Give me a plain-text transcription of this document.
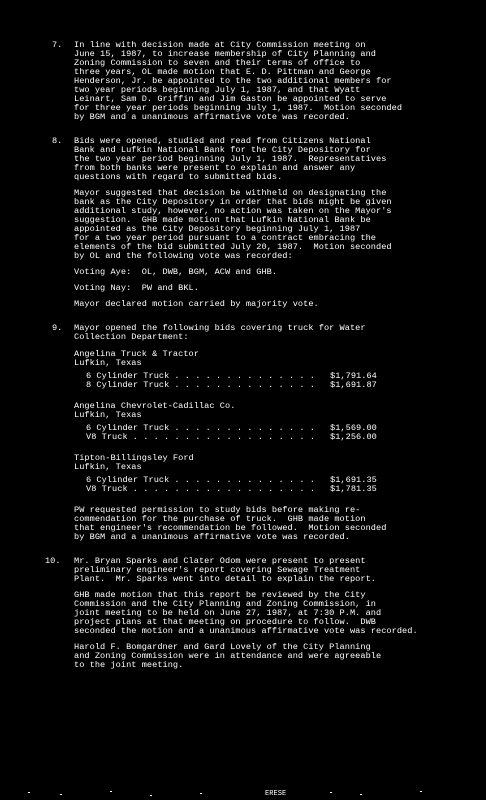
7. In line with decision made at City Commission meeting on
June 15, 1987, to increase membership of City Planning and
Zoning Commission to seven and their terms of office to
three years, OL made motion that E. D. Pittman and George
Henderson, Jr. be appointed to the two additional members for
two year periods beginning July 1, 1987, and that Wyatt
Leinart, Sam D. Griffin and Jim Gaston be appointed to serve
for three year periods beginning July 1, 1987.  Motion seconded
by BGM and a unanimous affirmative vote was recorded.
8. Bids were opened, studied and read from Citizens National
Bank and Lufkin National Bank for the City Depository for
the two year period beginning July 1, 1987.  Representatives
from both banks were present to explain and answer any
questions with regard to submitted bids.
Mayor suggested that decision be withheld on designating the
bank as the City Depository in order that bids might be given
additional study, however, no action was taken on the Mayor's
suggestion.  GHB made motion that Lufkin National Bank be
appointed as the City Depository beginning July 1, 1987
for a two year period pursuant to a contract embracing the
elements of the bid submitted July 20, 1987.  Motion seconded
by OL and the following vote was recorded:
Voting Aye:  OL, DWB, BGM, ACW and GHB.
Voting Nay:  PW and BKL.
Mayor declared motion carried by majority vote.
9. Mayor opened the following bids covering truck for Water
Collection Department:
Angelina Truck & Tractor
Lufkin, Texas
6 Cylinder Truck . . . . . . . . . . . . . .	$1,791.64
8 Cylinder Truck . . . . . . . . . . . . . .	$1,691.87
Angelina Chevrolet-Cadillac Co.
Lufkin, Texas
6 Cylinder Truck . . . . . . . . . . . . . .	$1,569.00
V8 Truck . . . . . . . . . . . . . . . . . .	$1,256.00
Tipton-Billingsley Ford
Lufkin, Texas
6 Cylinder Truck . . . . . . . . . . . . . .	$1,691.35
V8 Truck . . . . . . . . . . . . . . . . . .	$1,781.35
PW requested permission to study bids before making re-
commendation for the purchase of truck.  GHB made motion
that engineer's recommendation be followed.  Motion seconded
by BGM and a unanimous affirmative vote was recorded.
10. Mr. Bryan Sparks and Clater Odom were present to present
preliminary engineer's report covering Sewage Treatment
Plant.  Mr. Sparks went into detail to explain the report.
GHB made motion that this report be reviewed by the City
Commission and the City Planning and Zoning Commission, in
joint meeting to be held on June 27, 1987, at 7:30 P.M. and
project plans at that meeting on procedure to follow.  DWB
seconded the motion and a unanimous affirmative vote was recorded.
Harold F. Bomgardner and Gard Lovely of the City Planning
and Zoning Commission were in attendance and were agreeable
to the joint meeting.
ERESE
